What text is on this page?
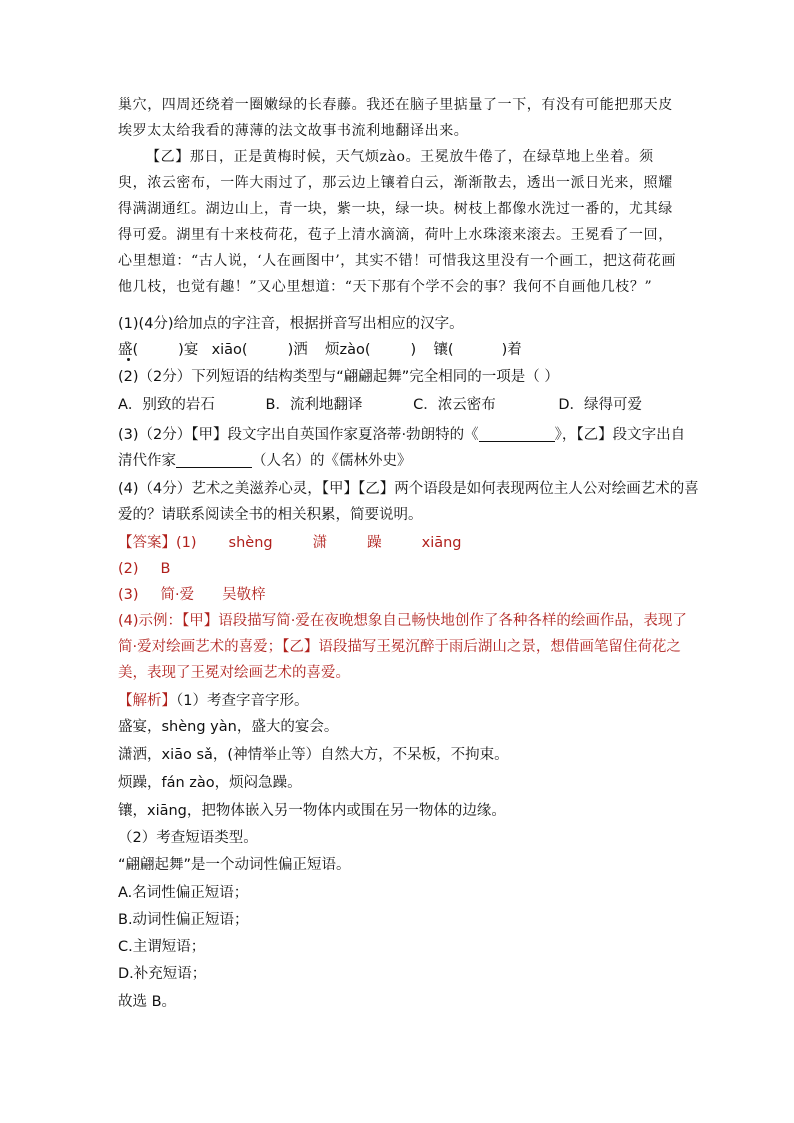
巢穴，四周还绕着一圈嫩绿的长春藤。我还在脑子里掂量了一下，有没有可能把那天皮埃罗太太给我看的薄薄的法文故事书流利地翻译出来。
【乙】那日，正是黄梅时候，天气烦zào。王冕放牛倦了，在绿草地上坐着。须臾，浓云密布，一阵大雨过了，那云边上镶着白云，渐渐散去，透出一派日光来，照耀得满湖通红。湖边山上，青一块，紫一块，绿一块。树枝上都像水洗过一番的，尤其绿得可爱。湖里有十来枝荷花，苞子上清水滴滴，荷叶上水珠滚来滚去。王冕看了一回，心里想道：“古人说，‘人在画图中’，其实不错！可惜我这里没有一个画工，把这荷花画他几枝，也觉有趣！”又心里想道：“天下那有个学不会的事？我何不自画他几枝？”
(1)(4分)给加点的字注音，根据拼音写出相应的汉字。
盛(	)宴 xiāo(	)洒 烦zào(	) 镶(	)着
(2)（2分）下列短语的结构类型与“翩翩起舞”完全相同的一项是（ ）
A．别致的岩石	B．流利地翻译	C．浓云密布	D．绿得可爱
(3)（2分）【甲】段文字出自英国作家夏洛蒂·勃朗特的《	》，【乙】段文字出自
清代作家	（人名）的《儒林外史》
(4)（4分）艺术之美滋养心灵，【甲】【乙】两个语段是如何表现两位主人公对绘画艺术的喜
爱的？请联系阅读全书的相关积累，简要说明。
【答案】(1) shèng	潇	躁	xiāng
(2) B
(3) 简·爱 吴敬梓
(4)示例：【甲】语段描写简·爱在夜晚想象自己畅快地创作了各种各样的绘画作品，表现了
简·爱对绘画艺术的喜爱；【乙】语段描写王冕沉醉于雨后湖山之景，想借画笔留住荷花之
美，表现了王冕对绘画艺术的喜爱。
【解析】（1）考查字音字形。
盛宴，shèng yàn，盛大的宴会。
潇洒，xiāo sǎ，(神情举止等）自然大方，不呆板，不拘束。
烦躁，fán zào，烦闷急躁。
镶，xiāng，把物体嵌入另一物体内或围在另一物体的边缘。
（2）考查短语类型。
“翩翩起舞”是一个动词性偏正短语。
A.名词性偏正短语；
B.动词性偏正短语；
C.主谓短语；
D.补充短语；
故选 B。
